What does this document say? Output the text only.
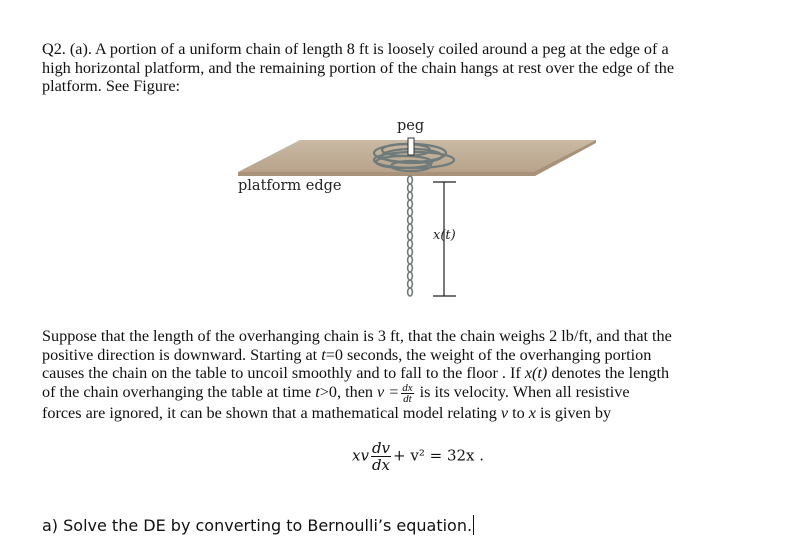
Q2. (a). A portion of a uniform chain of length 8 ft is loosely coiled around a peg at the edge of a
high horizontal platform, and the remaining portion of the chain hangs at rest over the edge of the
platform. See Figure:
peg
platform edge
x(t)
Suppose that the length of the overhanging chain is 3 ft, that the chain weighs 2 lb/ft, and that the
positive direction is downward. Starting at t=0 seconds, the weight of the overhanging portion
causes the chain on the table to uncoil smoothly and to fall to the floor . If x(t) denotes the length
of the chain overhanging the table at time t>0, then $v = \frac{dx}{dt}$ is its velocity. When all resistive
forces are ignored, it can be shown that a mathematical model relating v to x is given by
xv $\frac{dv}{dx} + v^2 = 32x$ .
a) Solve the DE by converting to Bernoulli’s equation.
